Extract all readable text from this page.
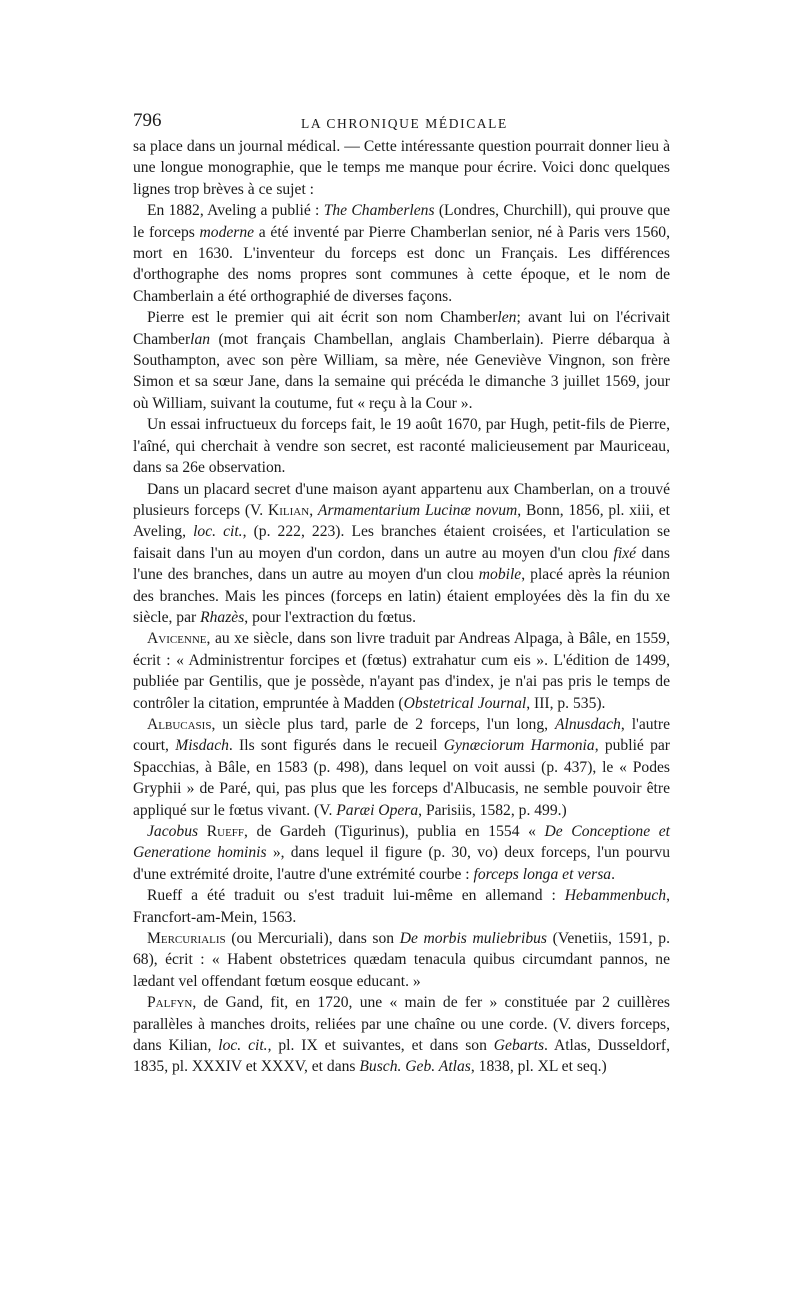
796	LA CHRONIQUE MÉDICALE

sa place dans un journal médical. — Cette intéressante question pourrait donner lieu à une longue monographie, que le temps me manque pour écrire. Voici donc quelques lignes trop brèves à ce sujet :

En 1882, Aveling a publié : The Chamberlens (Londres, Churchill), qui prouve que le forceps moderne a été inventé par Pierre Chamberlan senior, né à Paris vers 1560, mort en 1630. L'inventeur du forceps est donc un Français. Les différences d'orthographe des noms propres sont communes à cette époque, et le nom de Chamberlain a été orthographié de diverses façons.

Pierre est le premier qui ait écrit son nom Chamberlen; avant lui on l'écrivait Chamberlan (mot français Chambellan, anglais Chamberlain). Pierre débarqua à Southampton, avec son père William, sa mère, née Geneviève Vingnon, son frère Simon et sa sœur Jane, dans la semaine qui précéda le dimanche 3 juillet 1569, jour où William, suivant la coutume, fut « reçu à la Cour ».

Un essai infructueux du forceps fait, le 19 août 1670, par Hugh, petit-fils de Pierre, l'aîné, qui cherchait à vendre son secret, est raconté malicieusement par Mauriceau, dans sa 26e observation.

Dans un placard secret d'une maison ayant appartenu aux Chamberlan, on a trouvé plusieurs forceps (V. Kilian, Armamentarium Lucinæ novum, Bonn, 1856, pl. xiii, et Aveling, loc. cit., (p. 222, 223). Les branches étaient croisées, et l'articulation se faisait dans l'un au moyen d'un cordon, dans un autre au moyen d'un clou fixé dans l'une des branches, dans un autre au moyen d'un clou mobile, placé après la réunion des branches. Mais les pinces (forceps en latin) étaient employées dès la fin du xe siècle, par Rhazès, pour l'extraction du fœtus.

Avicenne, au xe siècle, dans son livre traduit par Andreas Alpaga, à Bâle, en 1559, écrit : « Administrentur forcipes et (fœtus) extrahatur cum eis ». L'édition de 1499, publiée par Gentilis, que je possède, n'ayant pas d'index, je n'ai pas pris le temps de contrôler la citation, empruntée à Madden (Obstetrical Journal, III, p. 535).

Albucasis, un siècle plus tard, parle de 2 forceps, l'un long, Alnusdach, l'autre court, Misdach. Ils sont figurés dans le recueil Gynæciorum Harmonia, publié par Spacchias, à Bâle, en 1583 (p. 498), dans lequel on voit aussi (p. 437), le « Podes Gryphii » de Paré, qui, pas plus que les forceps d'Albucasis, ne semble pouvoir être appliqué sur le fœtus vivant. (V. Paræi Opera, Parisiis, 1582, p. 499.)

Jacobus Rueff, de Gardeh (Tigurinus), publia en 1554 « De Conceptione et Generatione hominis », dans lequel il figure (p. 30, vo) deux forceps, l'un pourvu d'une extrémité droite, l'autre d'une extrémité courbe : forceps longa et versa.

Rueff a été traduit ou s'est traduit lui-même en allemand : Hebammenbuch, Francfort-am-Mein, 1563.

Mercurialis (ou Mercuriali), dans son De morbis muliebribus (Venetiis, 1591, p. 68), écrit : « Habent obstetrices quædam tenacula quibus circumdant pannos, ne lædant vel offendant fœtum eosque educant. »

Palfyn, de Gand, fit, en 1720, une « main de fer » constituée par 2 cuillères parallèles à manches droits, reliées par une chaîne ou une corde. (V. divers forceps, dans Kilian, loc. cit., pl. IX et suivantes, et dans son Gebarts. Atlas, Dusseldorf, 1835, pl. XXXIV et XXXV, et dans Busch. Geb. Atlas, 1838, pl. XL et seq.)
